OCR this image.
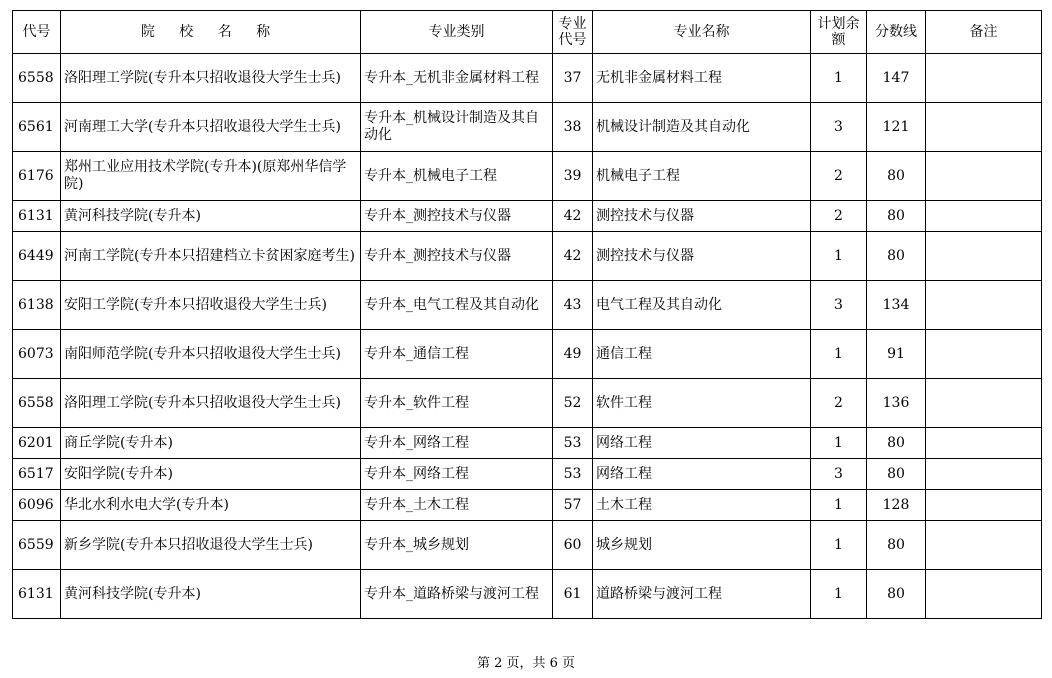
代号	院 校 名 称	专业类别	专业代号	专业名称	计划余额	分数线	备注
6558	洛阳理工学院(专升本只招收退役大学生士兵)	专升本_无机非金属材料工程	37	无机非金属材料工程	1	147	
6561	河南理工大学(专升本只招收退役大学生士兵)	专升本_机械设计制造及其自动化	38	机械设计制造及其自动化	3	121	
6176	郑州工业应用技术学院(专升本)(原郑州华信学院)	专升本_机械电子工程	39	机械电子工程	2	80	
6131	黄河科技学院(专升本)	专升本_测控技术与仪器	42	测控技术与仪器	2	80	
6449	河南工学院(专升本只招建档立卡贫困家庭考生)	专升本_测控技术与仪器	42	测控技术与仪器	1	80	
6138	安阳工学院(专升本只招收退役大学生士兵)	专升本_电气工程及其自动化	43	电气工程及其自动化	3	134	
6073	南阳师范学院(专升本只招收退役大学生士兵)	专升本_通信工程	49	通信工程	1	91	
6558	洛阳理工学院(专升本只招收退役大学生士兵)	专升本_软件工程	52	软件工程	2	136	
6201	商丘学院(专升本)	专升本_网络工程	53	网络工程	1	80	
6517	安阳学院(专升本)	专升本_网络工程	53	网络工程	3	80	
6096	华北水利水电大学(专升本)	专升本_土木工程	57	土木工程	1	128	
6559	新乡学院(专升本只招收退役大学生士兵)	专升本_城乡规划	60	城乡规划	1	80	
6131	黄河科技学院(专升本)	专升本_道路桥梁与渡河工程	61	道路桥梁与渡河工程	1	80	
第 2 页，共 6 页
